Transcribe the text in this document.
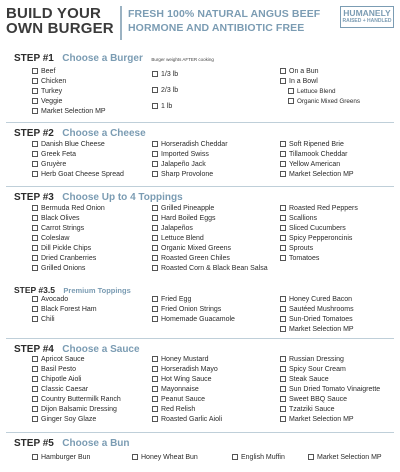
BUILD YOUR
OWN BURGER
FRESH 100% NATURAL ANGUS BEEF
HORMONE AND ANTIBIOTIC FREE
HUMANELY
RAISED + HANDLED
STEP #1 Choose a Burger Burger weights AFTER cooking
Beef
Chicken
Turkey
Veggie
Market Selection MP
1/3 lb
2/3 lb
1 lb
On a Bun
In a Bowl
Lettuce Blend
Organic Mixed Greens
STEP #2 Choose a Cheese
Danish Blue Cheese
Greek Feta
Gruyère
Herb Goat Cheese Spread
Horseradish Cheddar
Imported Swiss
Jalapeño Jack
Sharp Provolone
Soft Ripened Brie
Tillamook Cheddar
Yellow American
Market Selection MP
STEP #3 Choose Up to 4 Toppings
Bermuda Red Onion
Black Olives
Carrot Strings
Coleslaw
Dill Pickle Chips
Dried Cranberries
Grilled Onions
Grilled Pineapple
Hard Boiled Eggs
Jalapeños
Lettuce Blend
Organic Mixed Greens
Roasted Green Chiles
Roasted Corn & Black Bean Salsa
Roasted Red Peppers
Scallions
Sliced Cucumbers
Spicy Pepperoncinis
Sprouts
Tomatoes
STEP #3.5 Premium Toppings
Avocado
Black Forest Ham
Chili
Fried Egg
Fried Onion Strings
Homemade Guacamole
Honey Cured Bacon
Sautéed Mushrooms
Sun-Dried Tomatoes
Market Selection MP
STEP #4 Choose a Sauce
Apricot Sauce
Basil Pesto
Chipotle Aioli
Classic Caesar
Country Buttermilk Ranch
Dijon Balsamic Dressing
Ginger Soy Glaze
Honey Mustard
Horseradish Mayo
Hot Wing Sauce
Mayonnaise
Peanut Sauce
Red Relish
Roasted Garlic Aioli
Russian Dressing
Spicy Sour Cream
Steak Sauce
Sun Dried Tomato Vinaigrette
Sweet BBQ Sauce
Tzatziki Sauce
Market Selection MP
STEP #5 Choose a Bun
Hamburger Bun	Honey Wheat Bun	English Muffin	Market Selection MP
